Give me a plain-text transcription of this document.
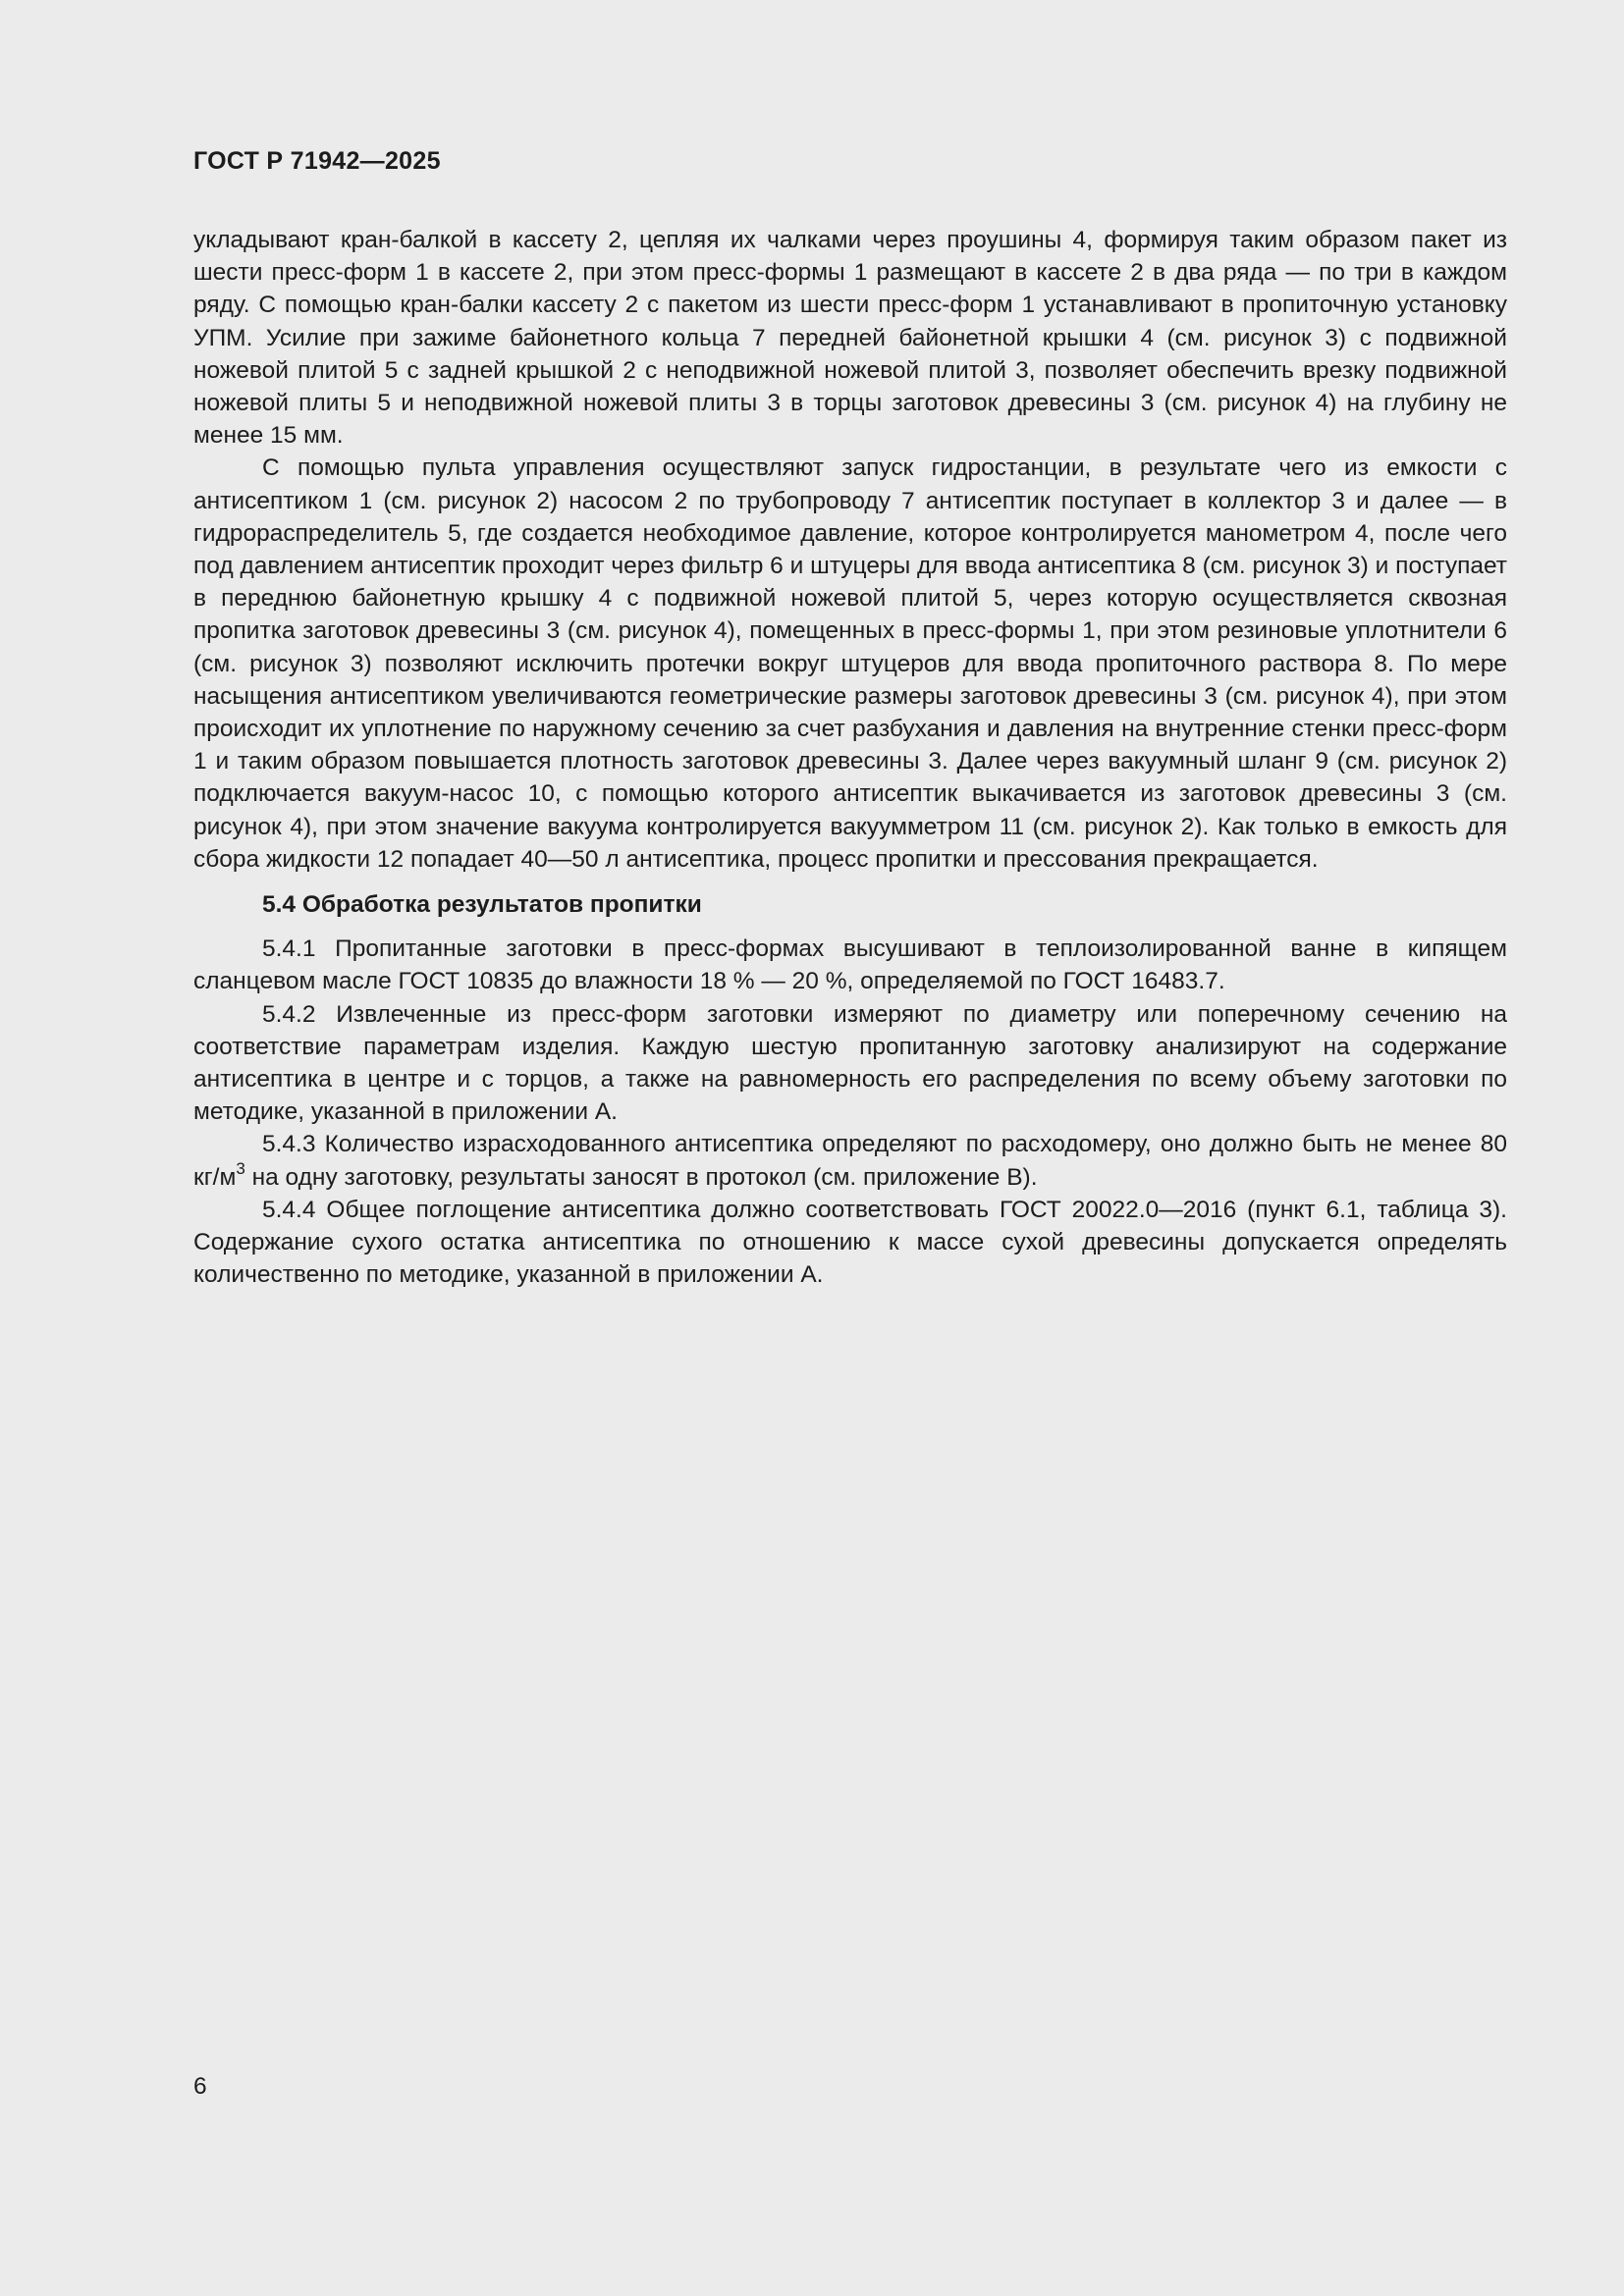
ГОСТ Р 71942—2025

укладывают кран-балкой в кассету 2, цепляя их чалками через проушины 4, формируя таким образом пакет из шести пресс-форм 1 в кассете 2, при этом пресс-формы 1 размещают в кассете 2 в два ряда — по три в каждом ряду. С помощью кран-балки кассету 2 с пакетом из шести пресс-форм 1 устанавливают в пропиточную установку УПМ. Усилие при зажиме байонетного кольца 7 передней байонетной крышки 4 (см. рисунок 3) с подвижной ножевой плитой 5 с задней крышкой 2 с неподвижной ножевой плитой 3, позволяет обеспечить врезку подвижной ножевой плиты 5 и неподвижной ножевой плиты 3 в торцы заготовок древесины 3 (см. рисунок 4) на глубину не менее 15 мм.

С помощью пульта управления осуществляют запуск гидростанции, в результате чего из емкости с антисептиком 1 (см. рисунок 2) насосом 2 по трубопроводу 7 антисептик поступает в коллектор 3 и далее — в гидрораспределитель 5, где создается необходимое давление, которое контролируется манометром 4, после чего под давлением антисептик проходит через фильтр 6 и штуцеры для ввода антисептика 8 (см. рисунок 3) и поступает в переднюю байонетную крышку 4 с подвижной ножевой плитой 5, через которую осуществляется сквозная пропитка заготовок древесины 3 (см. рисунок 4), помещенных в пресс-формы 1, при этом резиновые уплотнители 6 (см. рисунок 3) позволяют исключить протечки вокруг штуцеров для ввода пропиточного раствора 8. По мере насыщения антисептиком увеличиваются геометрические размеры заготовок древесины 3 (см. рисунок 4), при этом происходит их уплотнение по наружному сечению за счет разбухания и давления на внутренние стенки пресс-форм 1 и таким образом повышается плотность заготовок древесины 3. Далее через вакуумный шланг 9 (см. рисунок 2) подключается вакуум-насос 10, с помощью которого антисептик выкачивается из заготовок древесины 3 (см. рисунок 4), при этом значение вакуума контролируется вакуумметром 11 (см. рисунок 2). Как только в емкость для сбора жидкости 12 попадает 40—50 л антисептика, процесс пропитки и прессования прекращается.

5.4 Обработка результатов пропитки

5.4.1 Пропитанные заготовки в пресс-формах высушивают в теплоизолированной ванне в кипящем сланцевом масле ГОСТ 10835 до влажности 18 % — 20 %, определяемой по ГОСТ 16483.7.

5.4.2 Извлеченные из пресс-форм заготовки измеряют по диаметру или поперечному сечению на соответствие параметрам изделия. Каждую шестую пропитанную заготовку анализируют на содержание антисептика в центре и с торцов, а также на равномерность его распределения по всему объему заготовки по методике, указанной в приложении А.

5.4.3 Количество израсходованного антисептика определяют по расходомеру, оно должно быть не менее 80 $кг/м^3$ на одну заготовку, результаты заносят в протокол (см. приложение В).

5.4.4 Общее поглощение антисептика должно соответствовать ГОСТ 20022.0—2016 (пункт 6.1, таблица 3). Содержание сухого остатка антисептика по отношению к массе сухой древесины допускается определять количественно по методике, указанной в приложении А.

6
